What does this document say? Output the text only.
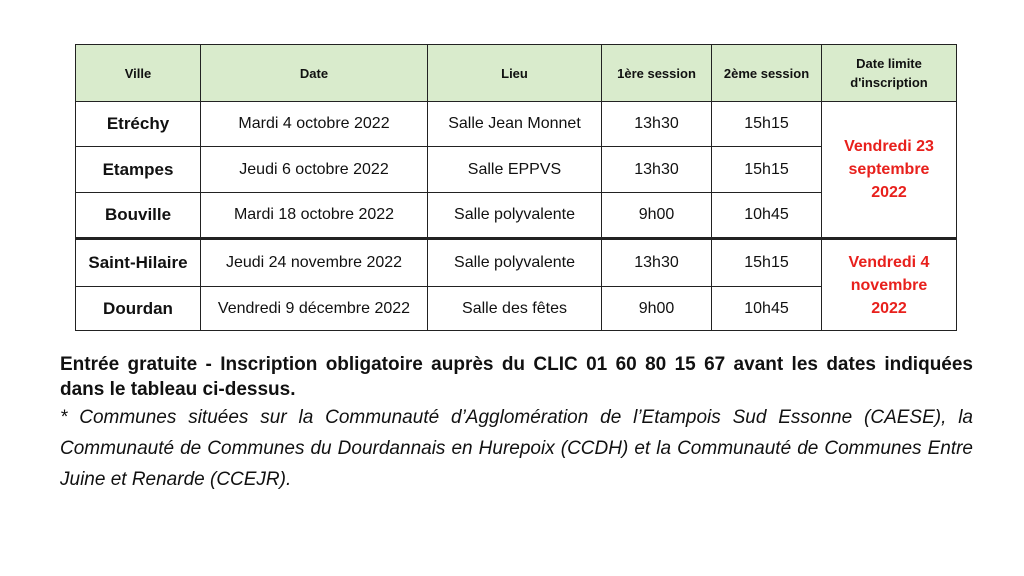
Ville	Date	Lieu	1ère session	2ème session	Date limite d'inscription
Etréchy	Mardi 4 octobre 2022	Salle Jean Monnet	13h30	15h15	Vendredi 23
septembre
2022
Etampes	Jeudi 6 octobre 2022	Salle EPPVS	13h30	15h15	
Bouville	Mardi 18 octobre 2022	Salle polyvalente	9h00	10h45	
Saint-Hilaire	Jeudi 24 novembre 2022	Salle polyvalente	13h30	15h15	Vendredi 4
novembre
2022
Dourdan	Vendredi 9 décembre 2022	Salle des fêtes	9h00	10h45	

Entrée gratuite - Inscription obligatoire auprès du CLIC 01 60 80 15 67 avant les dates indiquées dans le tableau ci-dessus.

* Communes situées sur la Communauté d’Agglomération de l’Etampois Sud Essonne (CAESE), la Communauté de Communes du Dourdannais en Hurepoix (CCDH) et la Communauté de Communes Entre Juine et Renarde (CCEJR).
